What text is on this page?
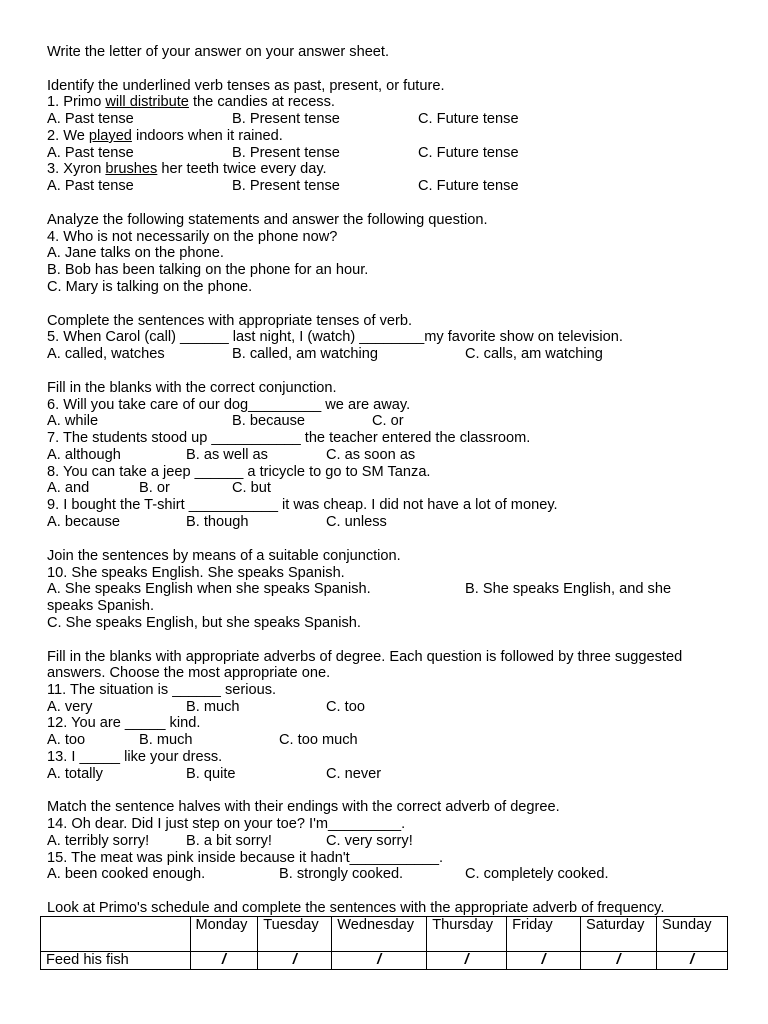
Write the letter of your answer on your answer sheet.
Identify the underlined verb tenses as past, present, or future.
1. Primo will distribute the candies at recess.
A. Past tense	B. Present tense	C. Future tense
2. We played indoors when it rained.
A. Past tense	B. Present tense	C. Future tense
3. Xyron brushes her teeth twice every day.
A. Past tense	B. Present tense	C. Future tense
Analyze the following statements and answer the following question.
4. Who is not necessarily on the phone now?
A. Jane talks on the phone.
B. Bob has been talking on the phone for an hour.
C. Mary is talking on the phone.
Complete the sentences with appropriate tenses of verb.
5. When Carol (call) ______ last night, I (watch) ________my favorite show on television.
A. called, watches	B. called, am watching	C. calls, am watching
Fill in the blanks with the correct conjunction.
6. Will you take care of our dog_________ we are away.
A. while	B. because	C. or
7. The students stood up ___________ the teacher entered the classroom.
A. although	B. as well as	C. as soon as
8. You can take a jeep ______ a tricycle to go to SM Tanza.
A. and	B. or	C. but
9. I bought the T-shirt ___________ it was cheap. I did not have a lot of money.
A. because	B. though	C. unless
Join the sentences by means of a suitable conjunction.
10. She speaks English. She speaks Spanish.
A. She speaks English when she speaks Spanish.	B. She speaks English, and she
speaks Spanish.
C. She speaks English, but she speaks Spanish.
Fill in the blanks with appropriate adverbs of degree. Each question is followed by three suggested
answers. Choose the most appropriate one.
11. The situation is ______ serious.
A. very	B. much	C. too
12. You are _____ kind.
A. too	B. much	C. too much
13. I _____ like your dress.
A. totally	B. quite	C. never
Match the sentence halves with their endings with the correct adverb of degree.
14. Oh dear. Did I just step on your toe? I'm_________.
A. terribly sorry!	B. a bit sorry!	C. very sorry!
15. The meat was pink inside because it hadn't___________.
A. been cooked enough.	B. strongly cooked.	C. completely cooked.
Look at Primo's schedule and complete the sentences with the appropriate adverb of frequency.
	Monday	Tuesday	Wednesday	Thursday	Friday	Saturday	Sunday
Feed his fish	/	/	/	/	/	/	/
